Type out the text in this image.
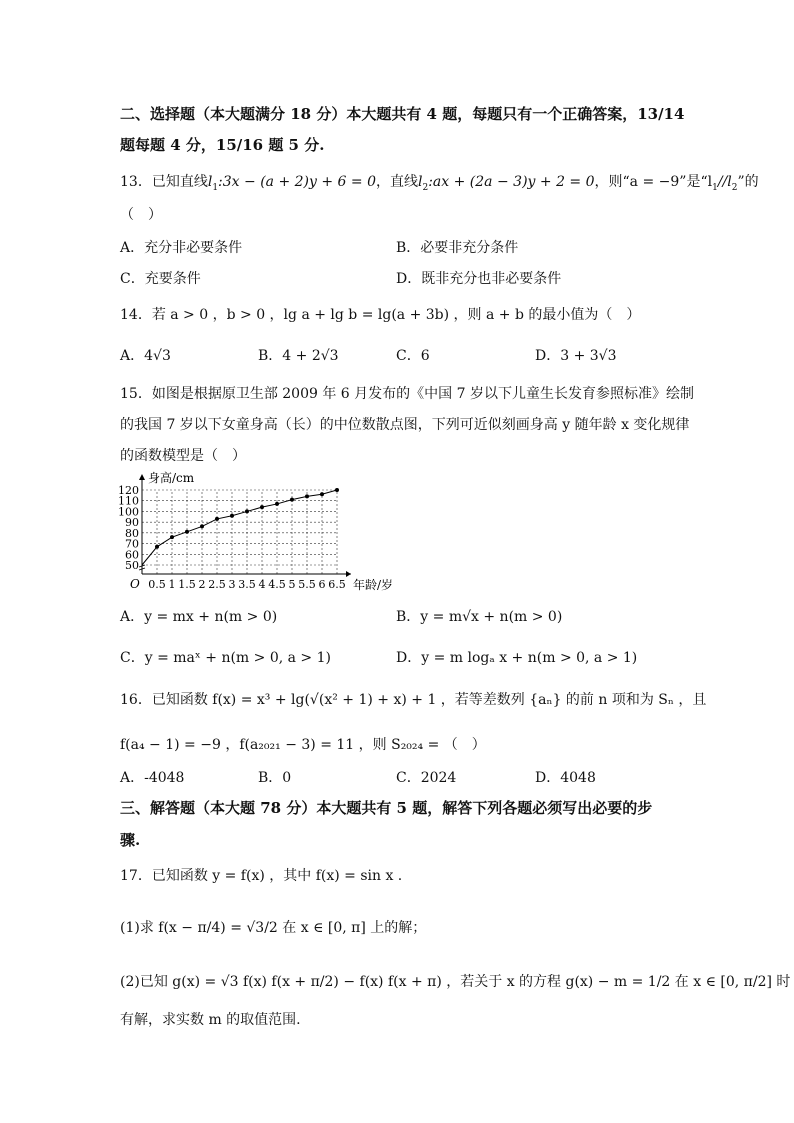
二、选择题（本大题满分 18 分）本大题共有 4 题，每题只有一个正确答案，13/14
题每题 4 分，15/16 题 5 分.
13．已知直线$l_1:3x - (a + 2)y + 6 = 0$，直线$l_2:ax + (2a - 3)y + 2 = 0$，则“a = −9”是“$l_1//l_2$”的
（　）
A．充分非必要条件	B．必要非充分条件
C．充要条件	D．既非充分也非必要条件
14．若 a > 0 ，b > 0 ，lg a + lg b = lg(a + 3b) ，则 a + b 的最小值为（　）
A．4√3	B．4 + 2√3	C．6	D．3 + 3√3
15．如图是根据原卫生部 2009 年 6 月发布的《中国 7 岁以下儿童生长发育参照标准》绘制
的我国 7 岁以下女童身高（长）的中位数散点图，下列可近似刻画身高 y 随年龄 x 变化规律
的函数模型是（　）
50
60
70
80
90
100
110
120
0.5 1 1.5 2 2.5 3 3.5 4 4.5 5 5.5 6 6.5
O
身高/cm
年龄/岁
A．y = mx + n(m > 0)	B．y = m√x + n(m > 0)
C．y = maˣ + n(m > 0, a > 1)	D．y = m logₐ x + n(m > 0, a > 1)
16．已知函数 f(x) = x³ + lg(√(x² + 1) + x) + 1 ，若等差数列 {aₙ} 的前 n 项和为 Sₙ ，且
f(a₄ − 1) = −9 ，f(a₂₀₂₁ − 3) = 11 ，则 S₂₀₂₄ = （　）
A．-4048	B．0	C．2024	D．4048
三、解答题（本大题 78 分）本大题共有 5 题，解答下列各题必须写出必要的步
骤.
17．已知函数 y = f(x) ，其中 f(x) = sin x .
(1)求 f(x − π/4) = √3/2 在 x ∈ [0, π] 上的解；
(2)已知 g(x) = √3 f(x) f(x + π/2) − f(x) f(x + π) ，若关于 x 的方程 g(x) − m = 1/2 在 x ∈ [0, π/2] 时
有解，求实数 m 的取值范围.
